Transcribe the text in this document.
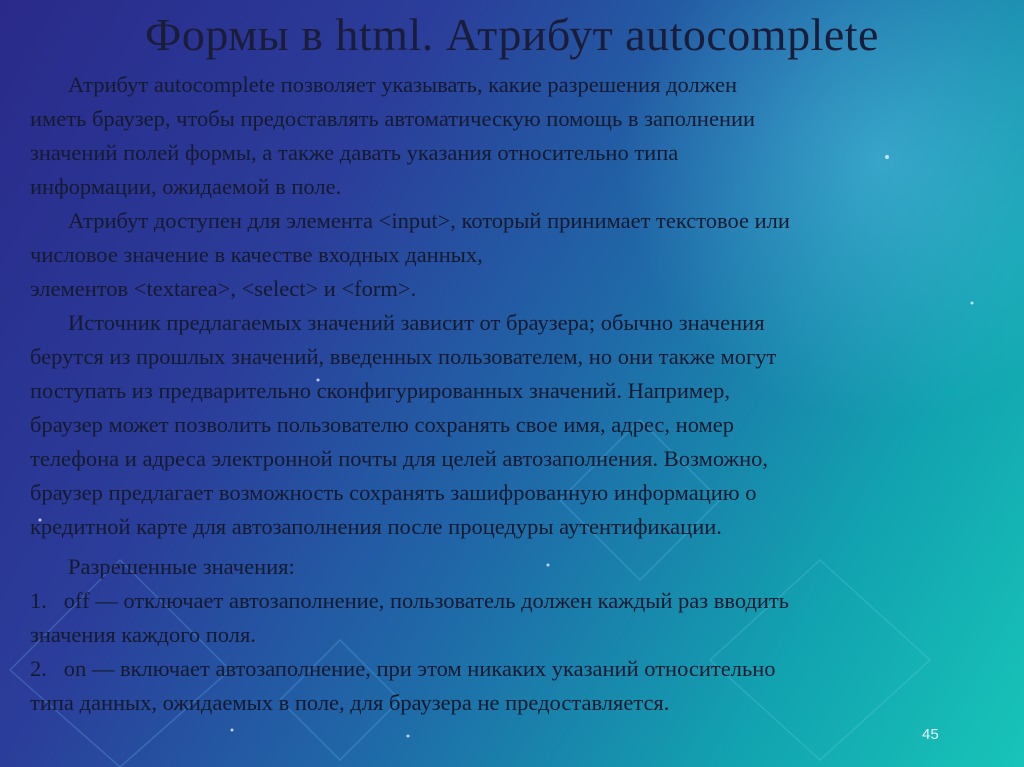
Формы в html. Атрибут autocomplete

Атрибут autocomplete позволяет указывать, какие разрешения должен
иметь браузер, чтобы предоставлять автоматическую помощь в заполнении
значений полей формы, а также давать указания относительно типа
информации, ожидаемой в поле.

Атрибут доступен для элемента <input>, который принимает текстовое или
числовое значение в качестве входных данных,
элементов <textarea>, <select> и <form>.

Источник предлагаемых значений зависит от браузера; обычно значения
берутся из прошлых значений, введенных пользователем, но они также могут
поступать из предварительно сконфигурированных значений. Например,
браузер может позволить пользователю сохранять свое имя, адрес, номер
телефона и адреса электронной почты для целей автозаполнения. Возможно,
браузер предлагает возможность сохранять зашифрованную информацию о
кредитной карте для автозаполнения после процедуры аутентификации.

Разрешенные значения:
1.   off — отключает автозаполнение, пользователь должен каждый раз вводить
значения каждого поля.
2.   on — включает автозаполнение, при этом никаких указаний относительно
типа данных, ожидаемых в поле, для браузера не предоставляется.
45
